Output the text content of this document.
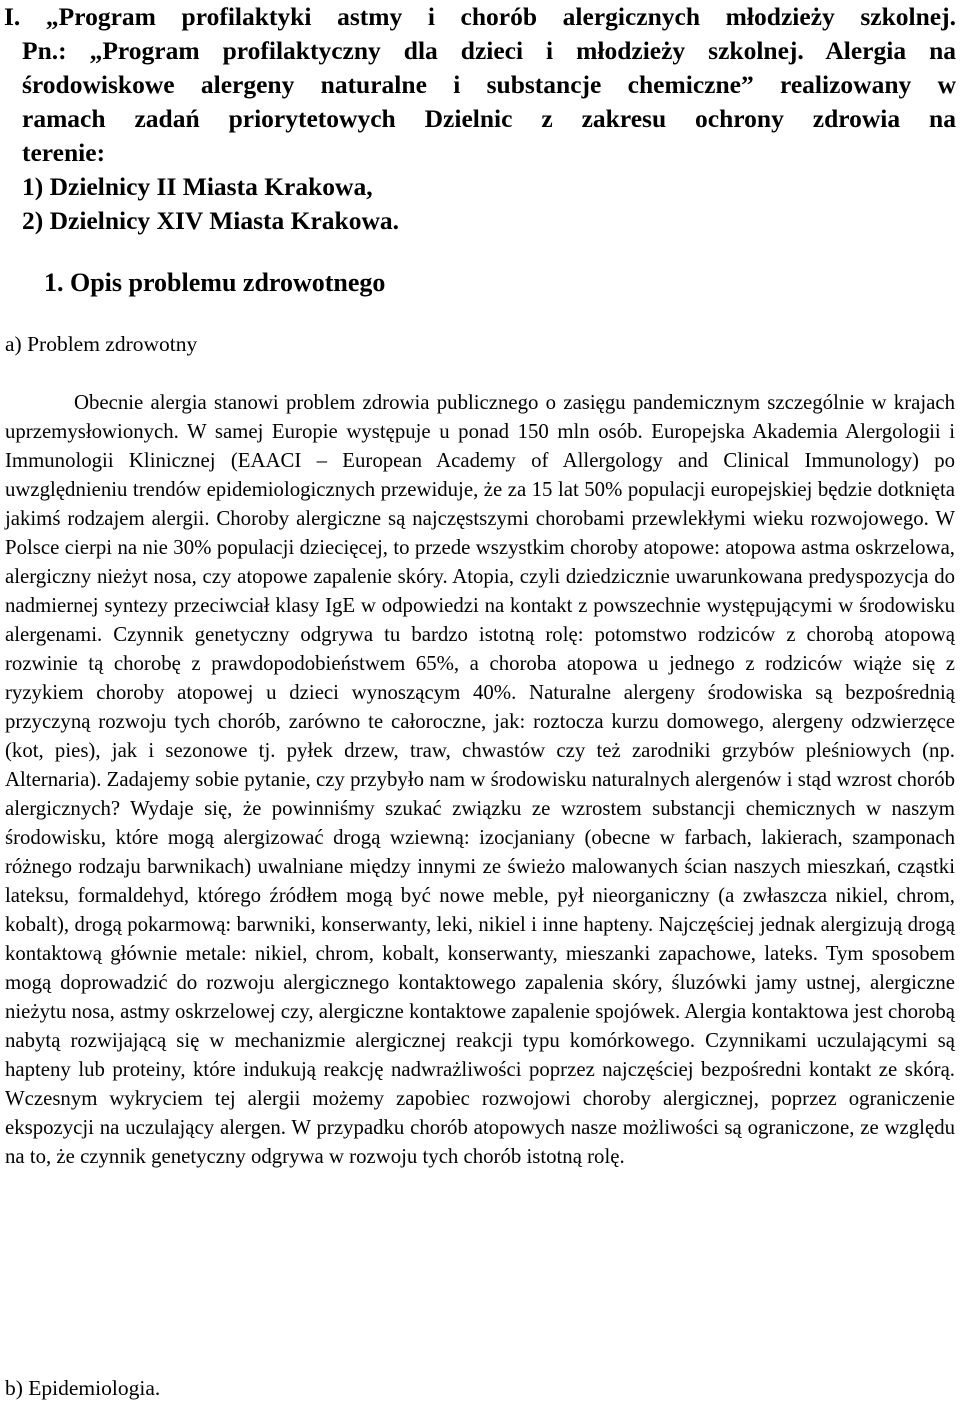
I. „Program profilaktyki astmy i chorób alergicznych młodzieży szkolnej.
Pn.: „Program profilaktyczny dla dzieci i młodzieży szkolnej. Alergia na
środowiskowe alergeny naturalne i substancje chemiczne” realizowany w
ramach zadań priorytetowych Dzielnic z zakresu ochrony zdrowia na
terenie:
1) Dzielnicy II Miasta Krakowa,
2) Dzielnicy XIV Miasta Krakowa.
1. Opis problemu zdrowotnego
a) Problem zdrowotny

Obecnie alergia stanowi problem zdrowia publicznego o zasięgu pandemicznym szczególnie w krajach uprzemysłowionych. W samej Europie występuje u ponad 150 mln osób. Europejska Akademia Alergologii i Immunologii Klinicznej (EAACI – European Academy of Allergology and Clinical Immunology) po uwzględnieniu trendów epidemiologicznych przewiduje, że za 15 lat 50% populacji europejskiej będzie dotknięta jakimś rodzajem alergii. Choroby alergiczne są najczęstszymi chorobami przewlekłymi wieku rozwojowego. W Polsce cierpi na nie 30% populacji dziecięcej, to przede wszystkim choroby atopowe: atopowa astma oskrzelowa, alergiczny nieżyt nosa, czy atopowe zapalenie skóry. Atopia, czyli dziedzicznie uwarunkowana predyspozycja do nadmiernej syntezy przeciwciał klasy IgE w odpowiedzi na kontakt z powszechnie występującymi w środowisku alergenami. Czynnik genetyczny odgrywa tu bardzo istotną rolę: potomstwo rodziców z chorobą atopową rozwinie tą chorobę z prawdopodobieństwem 65%, a choroba atopowa u jednego z rodziców wiąże się z ryzykiem choroby atopowej u dzieci wynoszącym 40%. Naturalne alergeny środowiska są bezpośrednią przyczyną rozwoju tych chorób, zarówno te całoroczne, jak: roztocza kurzu domowego, alergeny odzwierzęce (kot, pies), jak i sezonowe tj. pyłek drzew, traw, chwastów czy też zarodniki grzybów pleśniowych (np. Alternaria). Zadajemy sobie pytanie, czy przybyło nam w środowisku naturalnych alergenów i stąd wzrost chorób alergicznych? Wydaje się, że powinniśmy szukać związku ze wzrostem substancji chemicznych w naszym środowisku, które mogą alergizować drogą wziewną: izocjaniany (obecne w farbach, lakierach, szamponach różnego rodzaju barwnikach) uwalniane między innymi ze świeżo malowanych ścian naszych mieszkań, cząstki lateksu, formaldehyd, którego źródłem mogą być nowe meble, pył nieorganiczny (a zwłaszcza nikiel, chrom, kobalt), drogą pokarmową: barwniki, konserwanty, leki, nikiel i inne hapteny. Najczęściej jednak alergizują drogą kontaktową głównie metale: nikiel, chrom, kobalt, konserwanty, mieszanki zapachowe, lateks. Tym sposobem mogą doprowadzić do rozwoju alergicznego kontaktowego zapalenia skóry, śluzówki jamy ustnej, alergiczne nieżytu nosa, astmy oskrzelowej czy, alergiczne kontaktowe zapalenie spojówek. Alergia kontaktowa jest chorobą nabytą rozwijającą się w mechanizmie alergicznej reakcji typu komórkowego. Czynnikami uczulającymi są hapteny lub proteiny, które indukują reakcję nadwrażliwości poprzez najczęściej bezpośredni kontakt ze skórą. Wczesnym wykryciem tej alergii możemy zapobiec rozwojowi choroby alergicznej, poprzez ograniczenie ekspozycji na uczulający alergen. W przypadku chorób atopowych nasze możliwości są ograniczone, ze względu na to, że czynnik genetyczny odgrywa w rozwoju tych chorób istotną rolę.

b) Epidemiologia.
